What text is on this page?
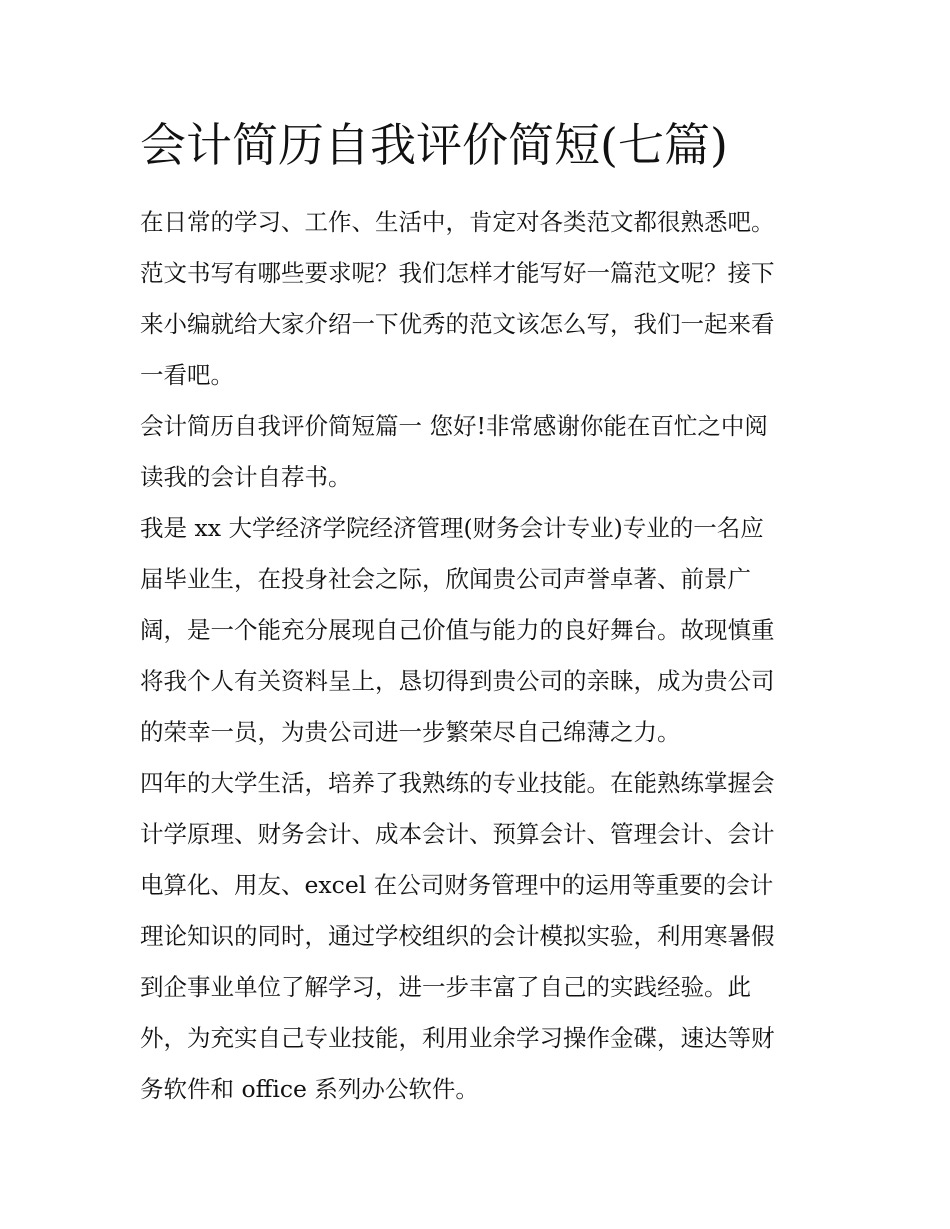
会计简历自我评价简短(七篇)
在日常的学习、工作、生活中，肯定对各类范文都很熟悉吧。
范文书写有哪些要求呢？我们怎样才能写好一篇范文呢？接下
来小编就给大家介绍一下优秀的范文该怎么写，我们一起来看
一看吧。
会计简历自我评价简短篇一 您好!非常感谢你能在百忙之中阅
读我的会计自荐书。
我是 xx 大学经济学院经济管理(财务会计专业)专业的一名应
届毕业生，在投身社会之际，欣闻贵公司声誉卓著、前景广
阔，是一个能充分展现自己价值与能力的良好舞台。故现慎重
将我个人有关资料呈上，恳切得到贵公司的亲睐，成为贵公司
的荣幸一员，为贵公司进一步繁荣尽自己绵薄之力。
四年的大学生活，培养了我熟练的专业技能。在能熟练掌握会
计学原理、财务会计、成本会计、预算会计、管理会计、会计
电算化、用友、excel 在公司财务管理中的运用等重要的会计
理论知识的同时，通过学校组织的会计模拟实验，利用寒暑假
到企事业单位了解学习，进一步丰富了自己的实践经验。此
外，为充实自己专业技能，利用业余学习操作金碟，速达等财
务软件和 office 系列办公软件。
